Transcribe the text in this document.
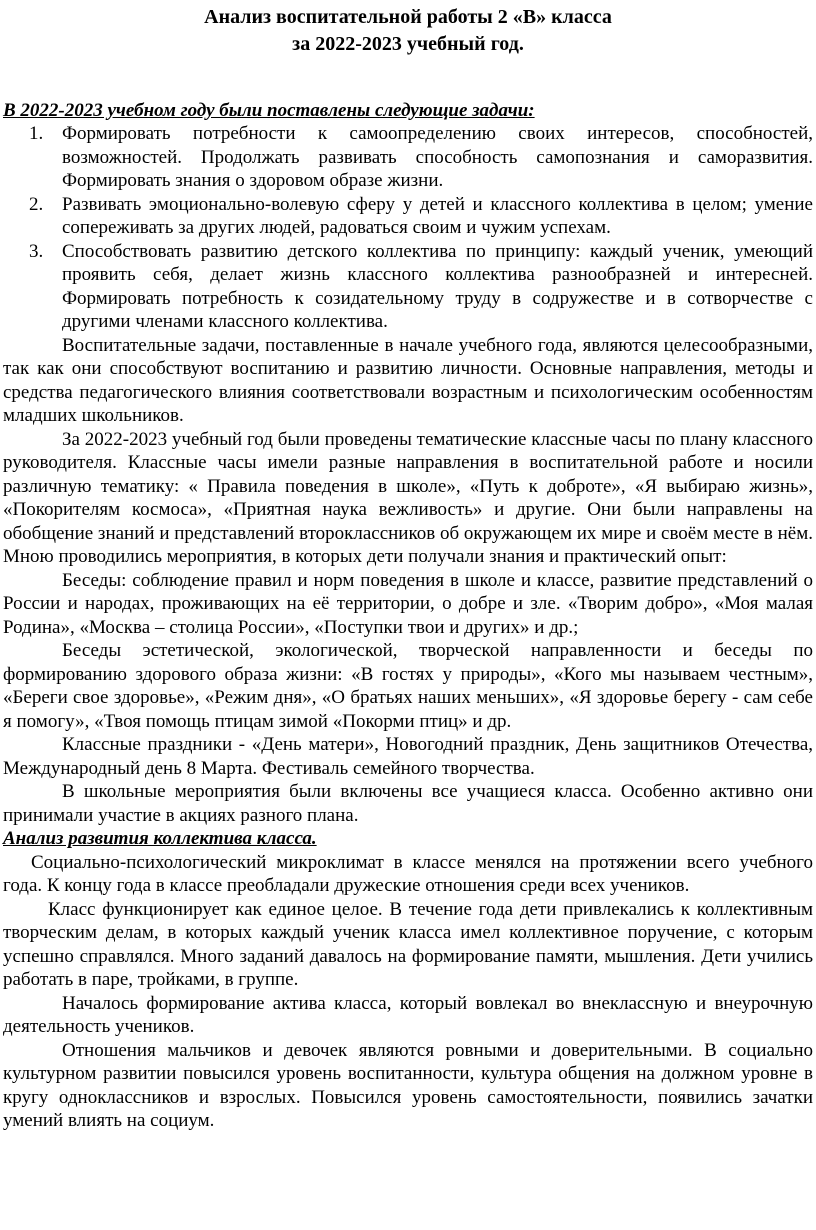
Анализ воспитательной работы 2 «В» класса
за 2022-2023 учебный год.

В 2022-2023 учебном году были поставлены следующие задачи:

1. Формировать потребности к самоопределению своих интересов, способностей, возможностей. Продолжать развивать способность самопознания и саморазвития. Формировать знания о здоровом образе жизни.
2. Развивать эмоционально-волевую сферу у детей и классного коллектива в целом; умение сопереживать за других людей, радоваться своим и чужим успехам.
3. Способствовать развитию детского коллектива по принципу: каждый ученик, умеющий проявить себя, делает жизнь классного коллектива разнообразней и интересней. Формировать потребность к созидательному труду в содружестве и в сотворчестве с другими членами классного коллектива.

Воспитательные задачи, поставленные в начале учебного года, являются целесообразными, так как они способствуют воспитанию и развитию личности. Основные направления, методы и средства педагогического влияния соответствовали возрастным и психологическим особенностям младших школьников.

За 2022-2023 учебный год были проведены тематические классные часы по плану классного руководителя. Классные часы имели разные направления в воспитательной работе и носили различную тематику: « Правила поведения в школе», «Путь к доброте», «Я выбираю жизнь», «Покорителям космоса», «Приятная наука вежливость» и другие. Они были направлены на обобщение знаний и представлений второклассников об окружающем их мире и своём месте в нём. Мною проводились мероприятия, в которых дети получали знания и практический опыт:

Беседы: соблюдение правил и норм поведения в школе и классе, развитие представлений о России и народах, проживающих на её территории, о добре и зле. «Творим добро», «Моя малая Родина», «Москва – столица России», «Поступки твои и других» и др.;

Беседы эстетической, экологической, творческой направленности и беседы по формированию здорового образа жизни: «В гостях у природы», «Кого мы называем честным», «Береги свое здоровье», «Режим дня», «О братьях наших меньших», «Я здоровье берегу - сам себе я помогу», «Твоя помощь птицам зимой «Покорми птиц» и др.

Классные праздники - «День матери», Новогодний праздник, День защитников Отечества, Международный день 8 Марта. Фестиваль семейного творчества.

В школьные мероприятия были включены все учащиеся класса. Особенно активно они принимали участие в акциях разного плана.

Анализ развития коллектива класса.

Социально-психологический микроклимат в классе менялся на протяжении всего учебного года. К концу года в классе преобладали дружеские отношения среди всех учеников.

Класс функционирует как единое целое. В течение года дети привлекались к коллективным творческим делам, в которых каждый ученик класса имел коллективное поручение, с которым успешно справлялся. Много заданий давалось на формирование памяти, мышления. Дети учились работать в паре, тройками, в группе.

Началось формирование актива класса, который вовлекал во внеклассную и внеурочную деятельность учеников.

Отношения мальчиков и девочек являются ровными и доверительными. В социально культурном развитии повысился уровень воспитанности, культура общения на должном уровне в кругу одноклассников и взрослых. Повысился уровень самостоятельности, появились зачатки умений влиять на социум.
